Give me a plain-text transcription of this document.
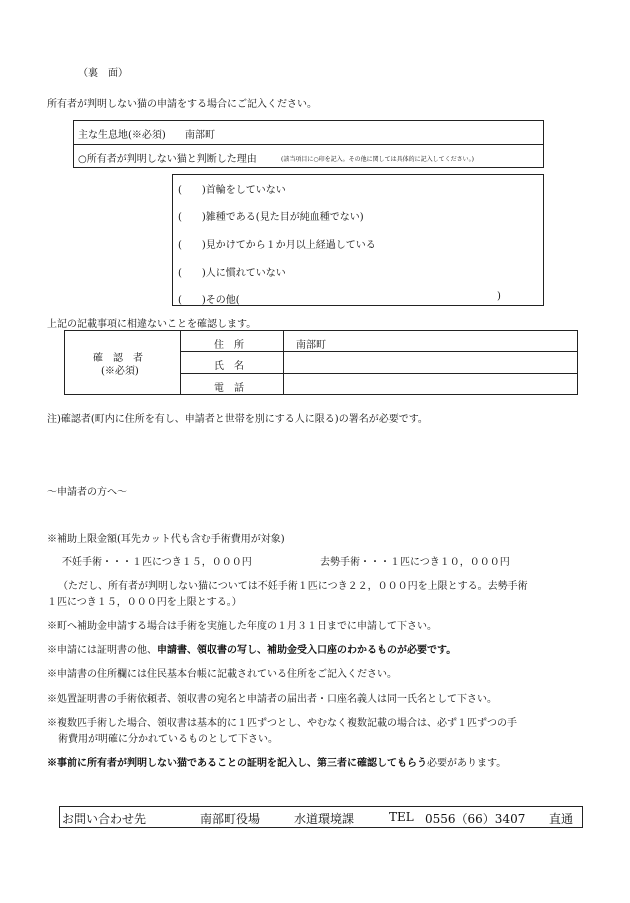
（裏　面）
所有者が判明しない猫の申請をする場合にご記入ください。
主な生息地(※必須) 南部町
○所有者が判明しない猫と判断した理由	(該当項目に○印を記入。その他に関しては具体的に記入してください。)
(　　)首輪をしていない
(　　)雑種である(見た目が純血種でない)
(　　)見かけてから１か月以上経過している
(　　)人に慣れていない
(　　)その他(	)
上記の記載事項に相違ないことを確認します。
確　認　者
(※必須)
住　所	南部町
氏　名
電　話
注)確認者(町内に住所を有し、申請者と世帯を別にする人に限る)の署名が必要です。
～申請者の方へ～
※補助上限金額(耳先カット代も含む手術費用が対象)
不妊手術・・・１匹につき１５，０００円	去勢手術・・・１匹につき１０，０００円
（ただし、所有者が判明しない猫については不妊手術１匹につき２２，０００円を上限とする。去勢手術
１匹につき１５，０００円を上限とする。）
※町へ補助金申請する場合は手術を実施した年度の１月３１日までに申請して下さい。
※申請には証明書の他、申請書、領収書の写し、補助金受入口座のわかるものが必要です。
※申請書の住所欄には住民基本台帳に記載されている住所をご記入ください。
※処置証明書の手術依頼者、領収書の宛名と申請者の届出者・口座名義人は同一氏名として下さい。
※複数匹手術した場合、領収書は基本的に１匹ずつとし、やむなく複数記載の場合は、必ず１匹ずつの手
術費用が明確に分かれているものとして下さい。
※事前に所有者が判明しない猫であることの証明を記入し、第三者に確認してもらう必要があります。
お問い合わせ先	南部町役場	水道環境課	TEL 0556（66）3407 直通
